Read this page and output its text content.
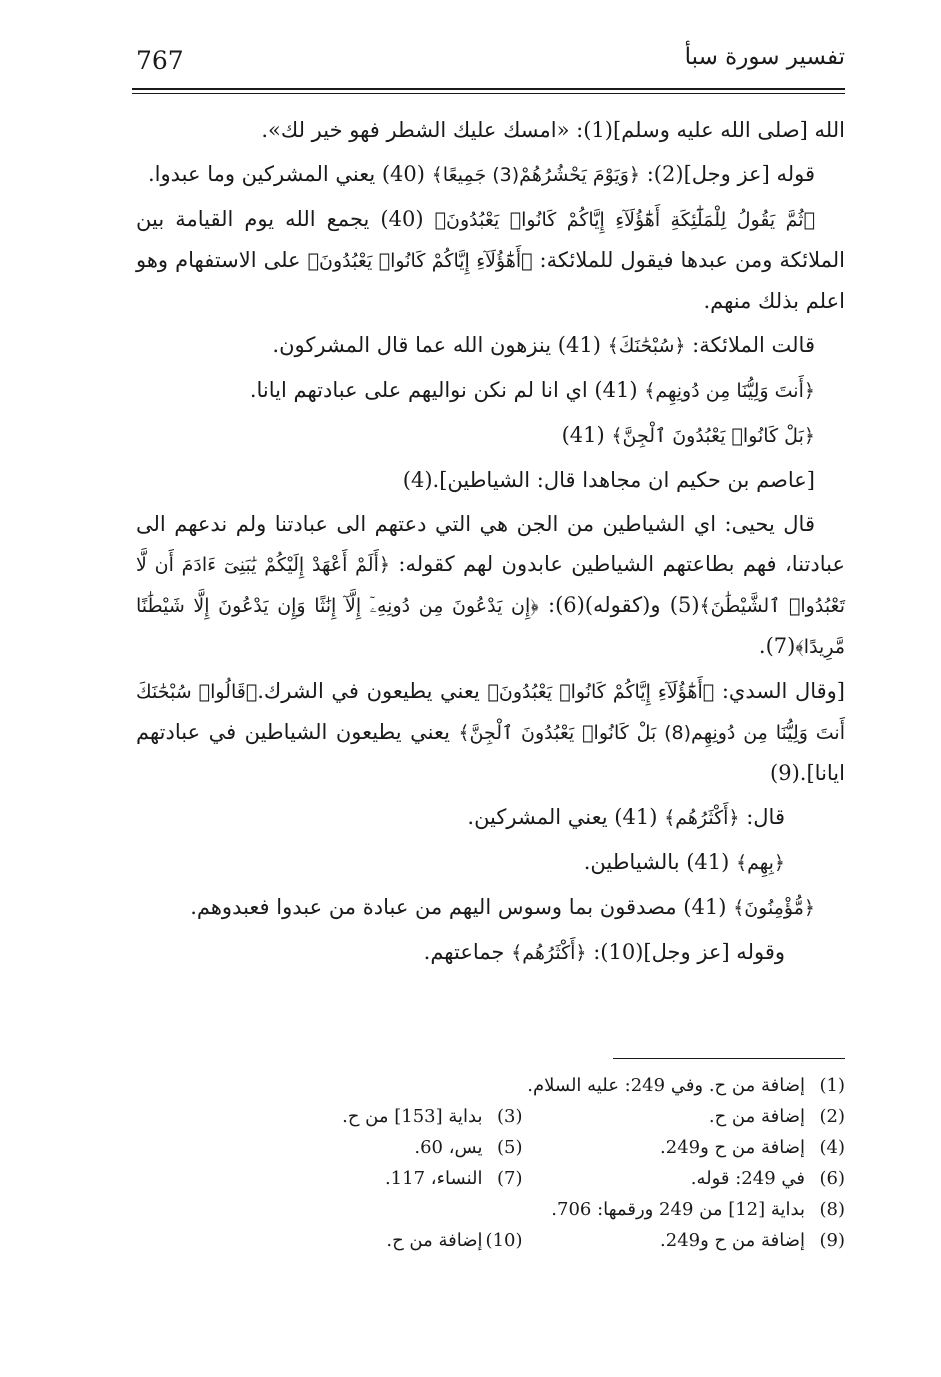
767	تفسير سورة سبأ

الله [صلى الله عليه وسلم](1): «امسك عليك الشطر فهو خير لك».

قوله [عز وجل](2): ﴿وَيَوْمَ يَحْشُرُهُمْ(3) جَمِيعًا﴾ (40) يعني المشركين وما عبدوا.

﴿ثُمَّ يَقُولُ لِلْمَلَٰٓئِكَةِ أَهَٰٓؤُلَآءِ إِيَّاكُمْ كَانُوا۟ يَعْبُدُونَ﴾ (40) يجمع الله يوم القيامة بين الملائكة ومن عبدها فيقول للملائكة: ﴿أَهَٰٓؤُلَآءِ إِيَّاكُمْ كَانُوا۟ يَعْبُدُونَ﴾ على الاستفهام وهو اعلم بذلك منهم.

قالت الملائكة: ﴿سُبْحَٰنَكَ﴾ (41) ينزهون الله عما قال المشركون.

﴿أَنتَ وَلِيُّنَا مِن دُونِهِم﴾ (41) اي انا لم نكن نواليهم على عبادتهم ايانا.

﴿بَلْ كَانُوا۟ يَعْبُدُونَ ٱلْجِنَّ﴾ (41)

[عاصم بن حكيم ان مجاهدا قال: الشياطين].(4)

قال يحيى: اي الشياطين من الجن هي التي دعتهم الى عبادتنا ولم ندعهم الى عبادتنا، فهم بطاعتهم الشياطين عابدون لهم كقوله: ﴿أَلَمْ أَعْهَدْ إِلَيْكُمْ يَٰبَنِىٓ ءَادَمَ أَن لَّا تَعْبُدُوا۟ ٱلشَّيْطَٰنَ﴾(5) و(كقوله)(6): ﴿إِن يَدْعُونَ مِن دُونِهِۦٓ إِلَّآ إِنَٰثًا وَإِن يَدْعُونَ إِلَّا شَيْطَٰنًا مَّرِيدًا﴾(7).

[وقال السدي: ﴿أَهَٰٓؤُلَآءِ إِيَّاكُمْ كَانُوا۟ يَعْبُدُونَ﴾ يعني يطيعون في الشرك.﴿قَالُوا۟ سُبْحَٰنَكَ أَنتَ وَلِيُّنَا مِن دُونِهِم(8) بَلْ كَانُوا۟ يَعْبُدُونَ ٱلْجِنَّ﴾ يعني يطيعون الشياطين في عبادتهم ايانا].(9)

قال: ﴿أَكْثَرُهُم﴾ (41) يعني المشركين.

﴿بِهِم﴾ (41) بالشياطين.

﴿مُّؤْمِنُونَ﴾ (41) مصدقون بما وسوس اليهم من عبادة من عبدوا فعبدوهم.

وقوله [عز وجل](10): ﴿أَكْثَرُهُم﴾ جماعتهم.

(1)إضافة من ح. وفي 249: عليه السلام.
(2)إضافة من ح.
(3)بداية [153] من ح.
(4)إضافة من ح و249.
(5)يس، 60.
(6)في 249: قوله.
(7)النساء، 117.
(8)بداية [12] من 249 ورقمها: 706.
(9)إضافة من ح و249.
(10)إضافة من ح.
